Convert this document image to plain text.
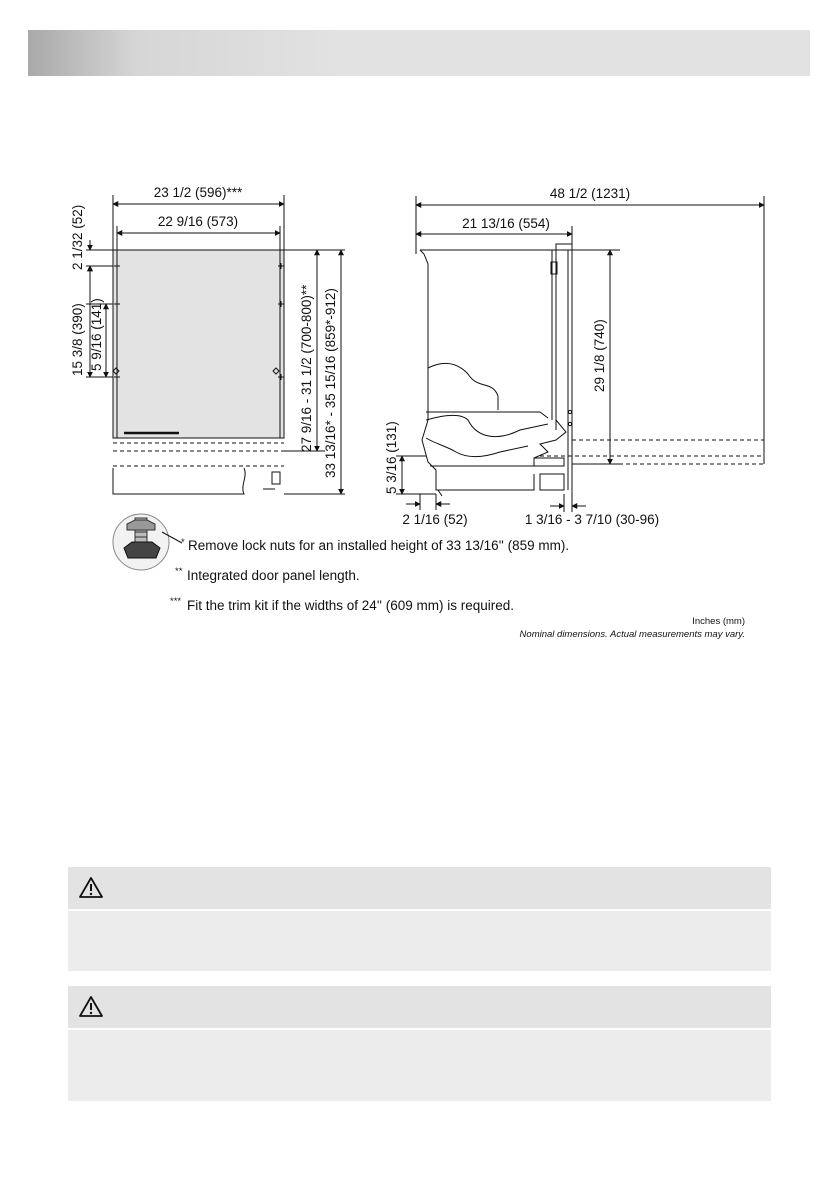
23 1/2 (596)***
22 9/16 (573)
2 1/32 (52)
15 3/8 (390) 5 9/16 (141)	27 9/16 - 31 1/2 (700-800)** 33 13/16* - 35 15/16 (859*-912)
48 1/2 (1231)
21 13/16 (554)
29 1/8 (740)
5 3/16 (131)
2 1/16 (52)	1 3/16 - 3 7/10 (30-96)
* Remove lock nuts for an installed height of 33 13/16'' (859 mm).
** Integrated door panel length.
*** Fit the trim kit if the widths of 24'' (609 mm) is required.
Inches (mm)
Nominal dimensions. Actual measurements may vary.
